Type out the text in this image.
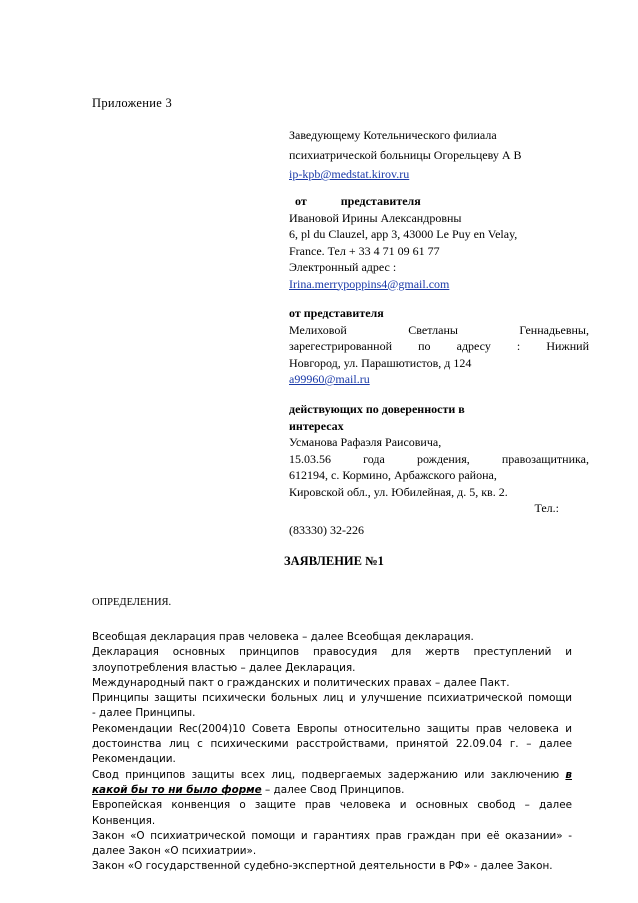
Приложение 3

Заведующему Котельнического филиала

психиатрической больницы Огорельцеву А В

ip-kpb@medstat.kirov.ru

от	представителя

Ивановой Ирины Александровны

6, pl du Clauzel, app 3, 43000 Le Puy en Velay,

France. Тел + 33 4 71 09 61 77

Электронный адрес :

Irina.merrypoppins4@gmail.com

от представителя

Мелиховой Светланы Геннадьевны,

зарегестрированной по адресу : Нижний

Новгород, ул. Парашютистов, д 124

a99960@mail.ru

действующих по доверенности в

интересах

Усманова Рафаэля Раисовича,

15.03.56 года рождения, правозащитника,

612194, с. Кормино, Арбажского района,

Кировской обл., ул. Юбилейная, д. 5, кв. 2.

Тел.:

(83330) 32-226

ЗАЯВЛЕНИЕ №1
ОПРЕДЕЛЕНИЯ.

Всеобщая декларация прав человека – далее Всеобщая декларация.

Декларация основных принципов правосудия для жертв преступлений и

злоупотребления властью – далее Декларация.

Международный пакт о гражданских и политических правах – далее Пакт.

Принципы защиты психически больных лиц и улучшение психиатрической помощи

- далее Принципы.

Рекомендации Rec(2004)10 Совета Европы относительно защиты прав человека и

достоинства лиц с психическими расстройствами, принятой 22.09.04 г. – далее

Рекомендации.

Свод принципов защиты всех лиц, подвергаемых задержанию или заключению в

какой бы то ни было форме – далее Свод Принципов.

Европейская конвенция о защите прав человека и основных свобод – далее

Конвенция.

Закон «О психиатрической помощи и гарантиях прав граждан при её оказании» -

далее Закон «О психиатрии».

Закон «О государственной судебно-экспертной деятельности в РФ» - далее Закон.
